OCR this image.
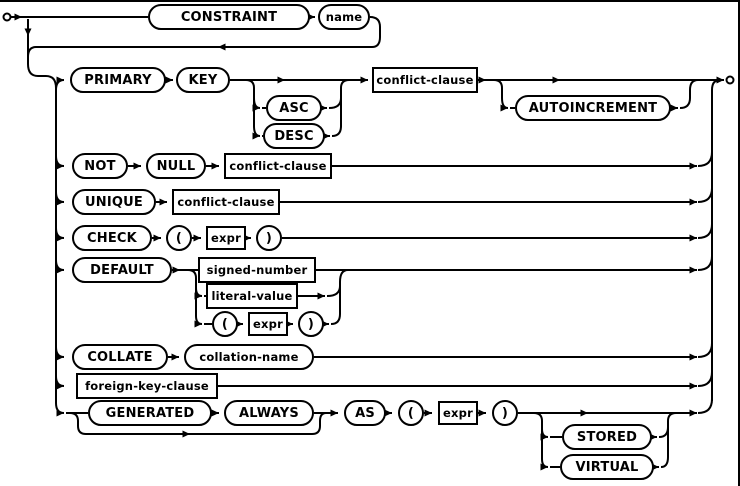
CONSTRAINT	name
PRIMARY	KEY
ASC
DESC
conflict-clause
AUTOINCREMENT
NOT	NULL	conflict-clause
UNIQUE	conflict-clause
CHECK	(	expr	)
DEFAULT	signed-number
literal-value
(	expr	)
COLLATE	collation-name
foreign-key-clause
GENERATED	ALWAYS	AS	(	expr	)
STORED
VIRTUAL
